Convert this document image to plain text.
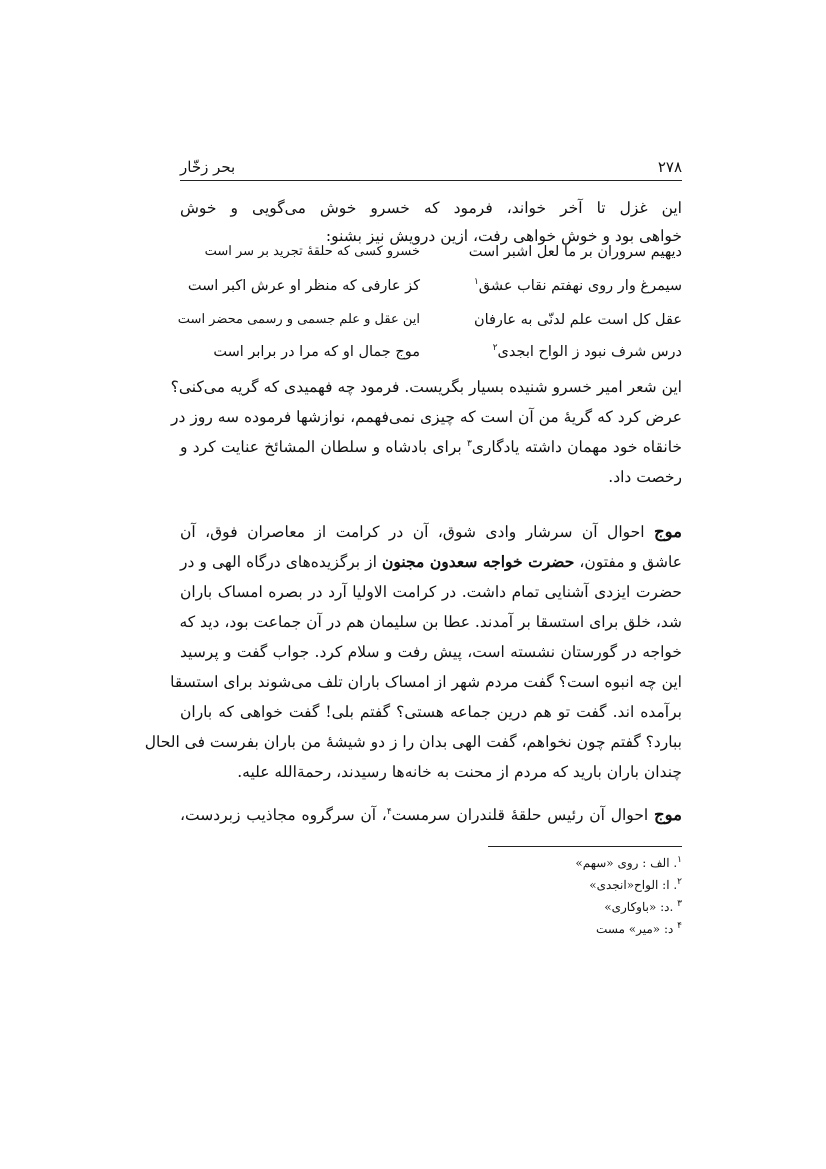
۲۷۸
بحر زخّار
این غزل تا آخر خواند، فرمود که خسرو خوش می‌گویی و خوش
خواهی بود و خوش خواهی رفت، ازین درویش نیز بشنو:
دیهیم سروران بر ما لعل اشبر است
خسرو کسی که حلقهٔ تجرید بر سر است
سیمرغ وار روی نهفتم نقاب عشق$^۱$
کز عارفی که منظر او عرش اکبر است
عقل کل است علم لدنّی به عارفان
این عقل و علم جسمی و رسمی محضر است
درس شرف نبود ز الواح ابجدی$^۲$
موج جمال او که مرا در برابر است
این شعر امیر خسرو شنیده بسیار بگریست. فرمود چه فهمیدی که گریه می‌کنی؟
عرض کرد که گریهٔ من آن است که چیزی نمی‌فهمم، نوازشها فرموده سه روز در
خانقاه خود مهمان داشته یادگاری$^۳$ برای بادشاه و سلطان المشائخ عنایت کرد و
رخصت داد.
موج احوال آن سرشار وادی شوق، آن در کرامت از معاصران فوق، آن
عاشق و مفتون، حضرت خواجه سعدون مجنون از برگزیده‌های درگاه الهی و در
حضرت ایزدی آشنایی تمام داشت. در کرامت الاولیا آرد در بصره امساک باران
شد، خلق برای استسقا بر آمدند. عطا بن سلیمان هم در آن جماعت بود، دید که
خواجه در گورستان نشسته است، پیش رفت و سلام کرد. جواب گفت و پرسید
این چه انبوه است؟ گفت مردم شهر از امساک باران تلف می‌شوند برای استسقا
برآمده اند. گفت تو هم درین جماعه هستی؟ گفتم بلی! گفت خواهی که باران
ببارد؟ گفتم چون نخواهم، گفت الهی بدان را ز دو شیشهٔ من باران بفرست فی الحال
چندان باران بارید که مردم از محنت به خانه‌ها رسیدند، رحمة‌الله علیه.
موج احوال آن رئیس حلقهٔ قلندران سرمست$^۴$، آن سرگروه مجاذیب زبردست،
$^۱$. الف : روی «سهم»
$^۲$. ا: الواح«انجدی»
$^۳$ .د: «باوکاری»
$^۴$ د: «میر» مست
